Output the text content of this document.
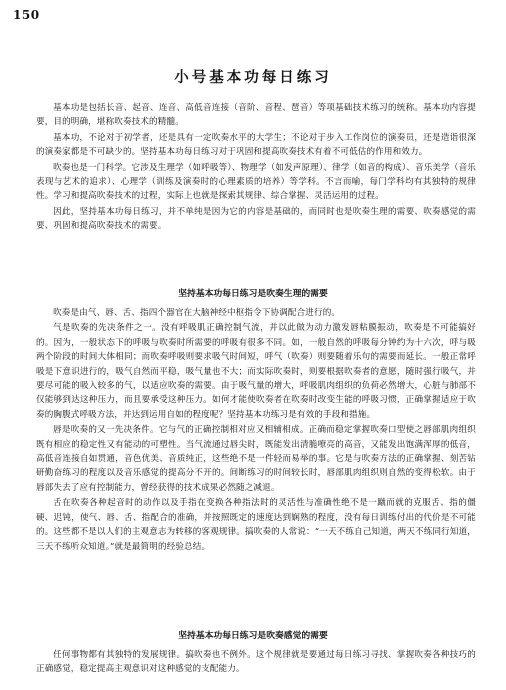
150
小号基本功每日练习

基本功是包括长音、起音、连音、高低音连接（音阶、音程、琶音）等项基础技术练习的统称。基本功内容提要，目的明确，堪称吹奏技术的精髓。

基本功，不论对于初学者，还是具有一定吹奏水平的大学生；不论对于步入工作岗位的演奏员，还是造诣很深的演奏家都是不可缺少的。坚持基本功每日练习对于巩固和提高吹奏技术有着不可低估的作用和效力。

吹奏也是一门科学。它涉及生理学（如呼吸等）、物理学（如发声原理）、律学（如音的构成）、音乐美学（音乐表现与艺术的追求）、心理学（训练及演奏时的心理素质的培养）等学科。不言而喻，每门学科均有其独特的规律性。学习和提高吹奏技术的过程，实际上也就是探索其规律、综合掌握、灵活运用的过程。

因此，坚持基本功每日练习，并不单纯是因为它的内容是基础的，而同时也是吹奏生理的需要、吹奏感觉的需要、巩固和提高吹奏技术的需要。

坚持基本功每日练习是吹奏生理的需要

吹奏是由气、唇、舌、指四个器官在大脑神经中枢指令下协调配合进行的。

气是吹奏的先决条件之一。没有呼吸肌正确控制气流，并以此做为动力激发唇粘膜振动，吹奏是不可能搞好的。因为，一般状态下的呼吸与吹奏时所需要的呼吸有很多不同。如，一般自然的呼吸每分钟约为十六次，呼与吸两个阶段的时间大体相同；而吹奏呼吸则要求吸气时间短，呼气（吹奏）则要随着乐句的需要而延长。一般正常呼吸是下意识进行的，吸气自然而平稳，吸气量也不大；而实际吹奏时，则要根据吹奏者的意愿，随时强行吸气，并要尽可能的吸入较多的气，以适应吹奏的需要。由于吸气量的增大，呼吸肌肉组织的负荷必然增大，心脏与肺部不仅能够到达这种压力，而且要承受这种压力。如何才能使吹奏者在吹奏时改变生能的呼吸习惯，正确掌握适应于吹奏的胸腹式呼吸方法，并达到运用自如的程度呢？坚持基本功练习是有效的手段和措施。

唇是吹奏的又一先决条件。它与气的正确控制相对应又相辅相成。正确而稳定掌握吹奏口型使之唇部肌肉组织既有相应的稳定性又有能动的可塑性。当气流通过唇尖时，既能发出清脆嘹亮的高音，又能发出饱满浑厚的低音，高低音连接自如贯通，音色优美、音质纯正，这些绝不是一件轻而易举的事。它是与吹奏方法的正确掌握、刻苦钻研勤奋练习的程度以及音乐感觉的提高分不开的。间断练习的时间较长时，唇部肌肉组织则自然的变得松软。由于唇部失去了应有控制能力，曾经获得的技术成果必然随之减退。

舌在吹奏各种起音时的动作以及手指在变换各种指法时的灵活性与准确性绝不是一蹴而就的克服舌、指的僵硬、迟钝，使气、唇、舌、指配合的准确，并按照既定的速度达到娴熟的程度，没有每日训练付出的代价是不可能的。这些都不是以人们的主观意志为转移的客观规律。搞吹奏的人常说：“一天不练自己知道，两天不练同行知道，三天不练听众知道。”就是最简明的经验总结。

坚持基本功每日练习是吹奏感觉的需要

任何事物都有其独特的发展规律。搞吹奏也不例外。这个规律就是要通过每日练习寻找、掌握吹奏各种技巧的正确感觉，稳定提高主观意识对这种感觉的支配能力。
